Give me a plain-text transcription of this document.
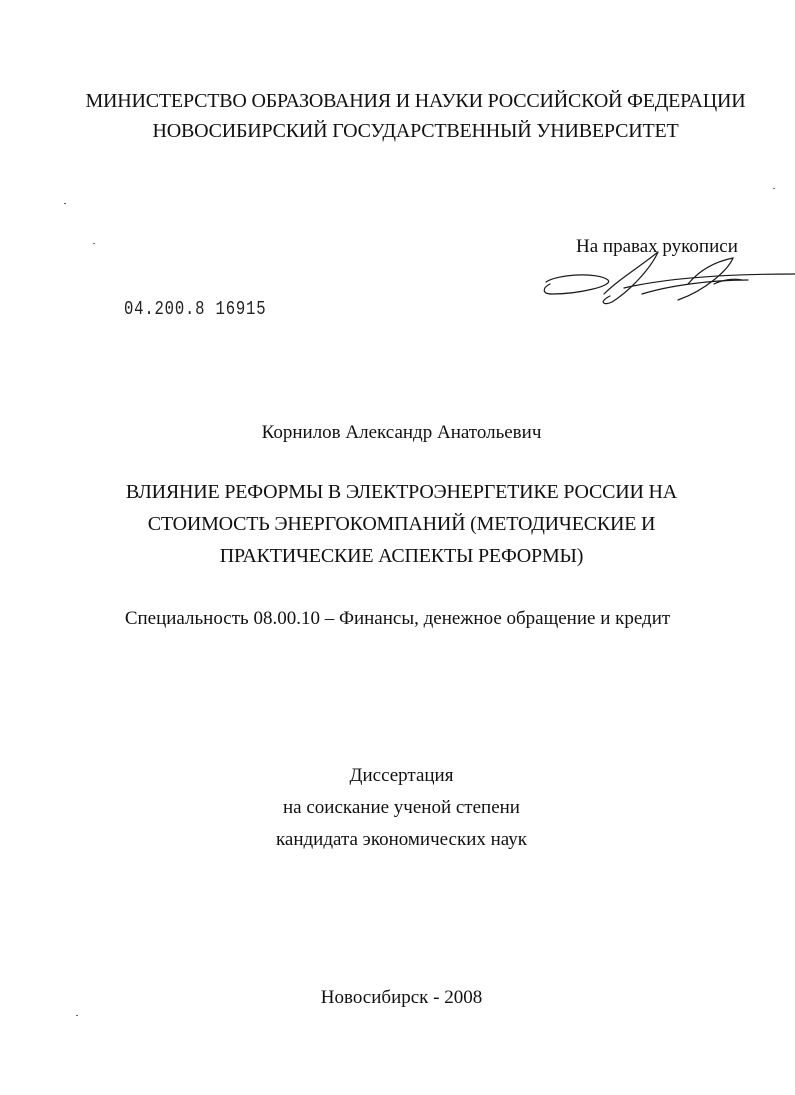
МИНИСТЕРСТВО ОБРАЗОВАНИЯ И НАУКИ РОССИЙСКОЙ ФЕДЕРАЦИИ
НОВОСИБИРСКИЙ ГОСУДАРСТВЕННЫЙ УНИВЕРСИТЕТ
На правах рукописи
04.200.8 16915
Корнилов Александр Анатольевич
ВЛИЯНИЕ РЕФОРМЫ В ЭЛЕКТРОЭНЕРГЕТИКЕ РОССИИ НА
СТОИМОСТЬ ЭНЕРГОКОМПАНИЙ (МЕТОДИЧЕСКИЕ И
ПРАКТИЧЕСКИЕ АСПЕКТЫ РЕФОРМЫ)
Специальность 08.00.10 – Финансы, денежное обращение и кредит
Диссертация
на соискание ученой степени
кандидата экономических наук
Новосибирск - 2008
